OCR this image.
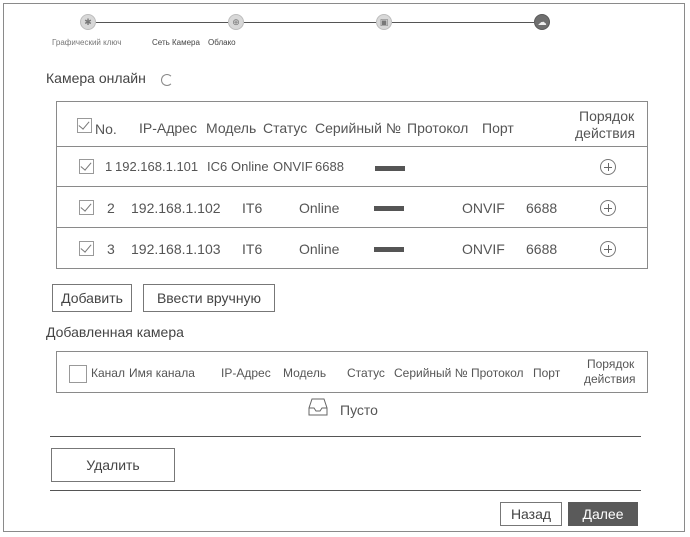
✱	⊕	▣	☁
Графический ключ	Сеть Камера Облако
Камера онлайн
No. IP-Адрес Модель Статус Серийный № Протокол Порт
Порядок
действия
1 192.168.1.101 IC6 Online ONVIF 6688
2 192.168.1.102 IT6	Online	ONVIF 6688
3 192.168.1.103 IT6	Online	ONVIF 6688
Добавить	Ввести вручную
Добавленная камера
Канал Имя канала IP-Адрес Модель Статус Серийный № Протокол Порт
Порядок
действия
Пусто
Удалить
Назад	Далее
